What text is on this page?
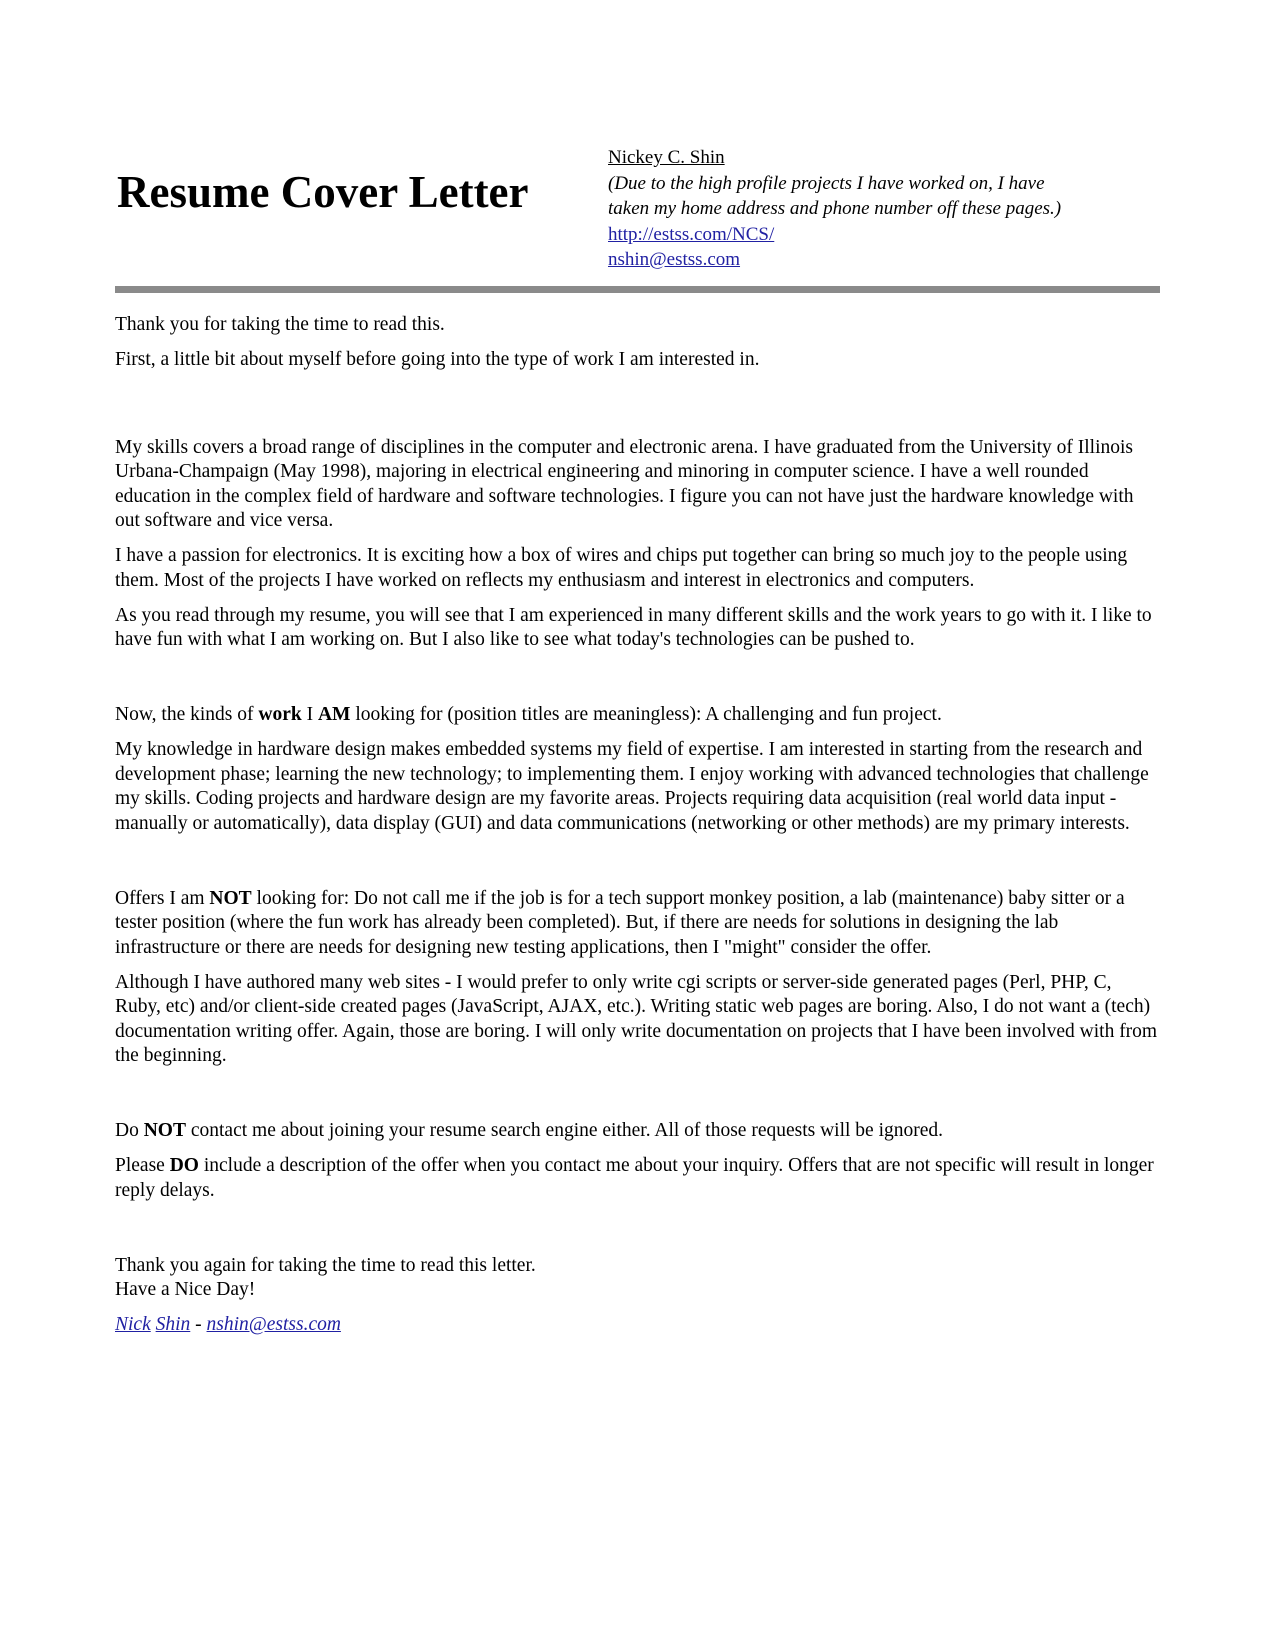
Resume Cover Letter
Nickey C. Shin
(Due to the high profile projects I have worked on, I have
taken my home address and phone number off these pages.)
http://estss.com/NCS/
nshin@estss.com

Thank you for taking the time to read this.

First, a little bit about myself before going into the type of work I am interested in.

My skills covers a broad range of disciplines in the computer and electronic arena. I have graduated from the University of Illinois Urbana-Champaign (May 1998), majoring in electrical engineering and minoring in computer science. I have a well rounded education in the complex field of hardware and software technologies. I figure you can not have just the hardware knowledge with out software and vice versa.

I have a passion for electronics. It is exciting how a box of wires and chips put together can bring so much joy to the people using them. Most of the projects I have worked on reflects my enthusiasm and interest in electronics and computers.

As you read through my resume, you will see that I am experienced in many different skills and the work years to go with it. I like to have fun with what I am working on. But I also like to see what today's technologies can be pushed to.

Now, the kinds of work I AM looking for (position titles are meaningless): A challenging and fun project.

My knowledge in hardware design makes embedded systems my field of expertise. I am interested in starting from the research and development phase; learning the new technology; to implementing them. I enjoy working with advanced technologies that challenge my skills. Coding projects and hardware design are my favorite areas. Projects requiring data acquisition (real world data input - manually or automatically), data display (GUI) and data communications (networking or other methods) are my primary interests.

Offers I am NOT looking for: Do not call me if the job is for a tech support monkey position, a lab (maintenance) baby sitter or a tester position (where the fun work has already been completed). But, if there are needs for solutions in designing the lab infrastructure or there are needs for designing new testing applications, then I "might" consider the offer.

Although I have authored many web sites - I would prefer to only write cgi scripts or server-side generated pages (Perl, PHP, C, Ruby, etc) and/or client-side created pages (JavaScript, AJAX, etc.). Writing static web pages are boring. Also, I do not want a (tech) documentation writing offer. Again, those are boring. I will only write documentation on projects that I have been involved with from the beginning.

Do NOT contact me about joining your resume search engine either. All of those requests will be ignored.

Please DO include a description of the offer when you contact me about your inquiry. Offers that are not specific will result in longer reply delays.

Thank you again for taking the time to read this letter.
Have a Nice Day!

Nick Shin - nshin@estss.com
